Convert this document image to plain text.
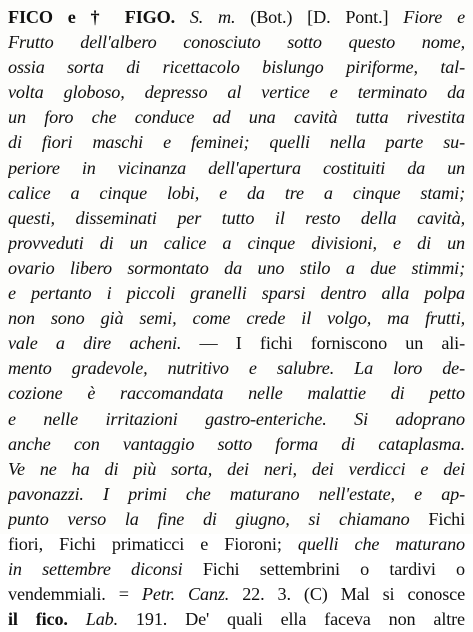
FICO e † FIGO. S. m. (Bot.) [D. Pont.] Fiore e
Frutto dell'albero conosciuto sotto questo nome,
ossia sorta di ricettacolo bislungo piriforme, tal-
volta globoso, depresso al vertice e terminato da
un foro che conduce ad una cavità tutta rivestita
di fiori maschi e feminei; quelli nella parte su-
periore in vicinanza dell'apertura costituiti da un
calice a cinque lobi, e da tre a cinque stami;
questi, disseminati per tutto il resto della cavità,
provveduti di un calice a cinque divisioni, e di un
ovario libero sormontato da uno stilo a due stimmi;
e pertanto i piccoli granelli sparsi dentro alla polpa
non sono già semi, come crede il volgo, ma frutti,
vale a dire acheni. — I fichi forniscono un ali-
mento gradevole, nutritivo e salubre. La loro de-
cozione è raccomandata nelle malattie di petto
e nelle irritazioni gastro-enteriche. Si adoprano
anche con vantaggio sotto forma di cataplasma.
Ve ne ha di più sorta, dei neri, dei verdicci e dei
pavonazzi. I primi che maturano nell'estate, e ap-
punto verso la fine di giugno, si chiamano Fichi
fiori, Fichi primaticci e Fioroni; quelli che maturano
in settembre diconsi Fichi settembrini o tardivi o
vendemmiali. = Petr. Canz. 22. 3. (C) Mal si conosce
il fico. Lab. 191. De' quali ella faceva non altre
